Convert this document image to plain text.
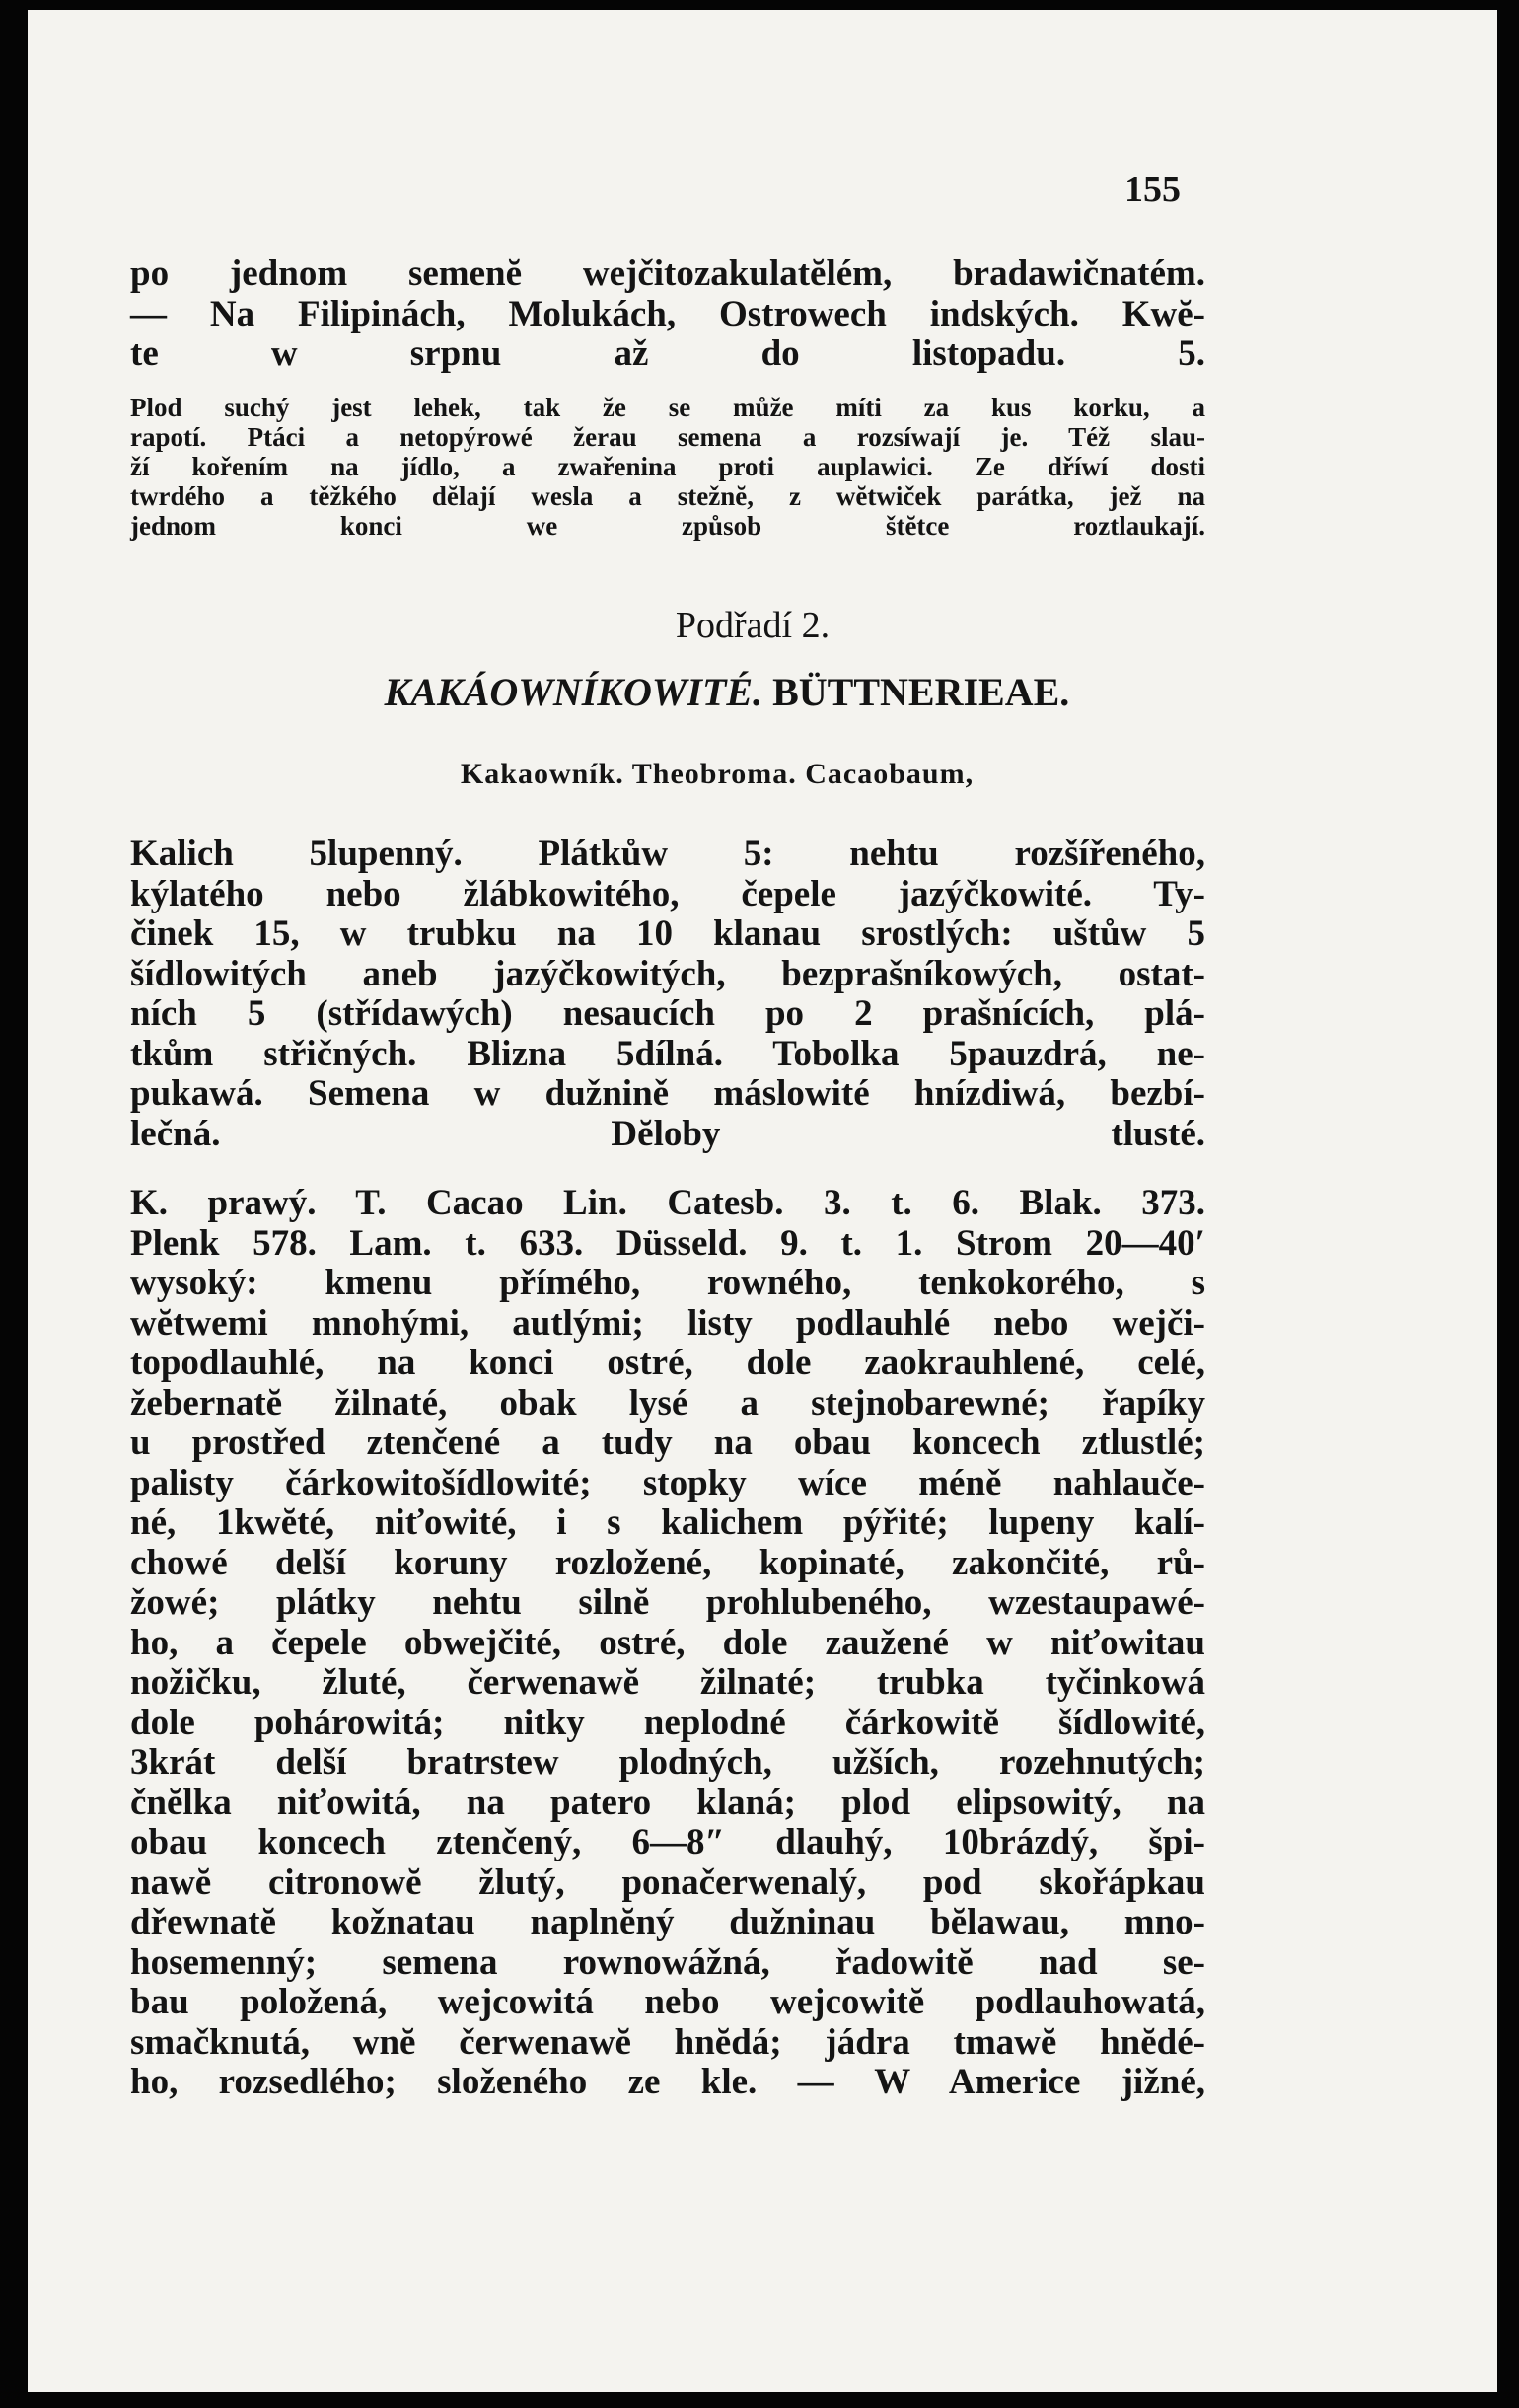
155
po jednom semenĕ wejčitozakulatĕlém, bradawičnatém.
— Na Filipinách, Molukách, Ostrowech indských. Kwĕ-
te w srpnu až do listopadu. 5.
Plod suchý jest lehek, tak že se může míti za kus korku, a
rapotí. Ptáci a netopýrowé žerau semena a rozsíwají je. Též slau-
ží kořením na jídlo, a zwařenina proti auplawici. Ze dříwí dosti
twrdého a těžkého dĕlají wesla a stežnĕ, z wĕtwiček parátka, jež na
jednom konci we způsob štĕtce roztlaukají.
Podřadí 2.
KAKÁOWNÍKOWITÉ. BÜTTNERIEAE.
Kakaowník. Theobroma. Cacaobaum,
Kalich 5lupenný. Plátkůw 5: nehtu rozšířeného,
kýlatého nebo žlábkowitého, čepele jazýčkowité. Ty-
činek 15, w trubku na 10 klanau srostlých: uštůw 5
šídlowitých aneb jazýčkowitých, bezprašníkowých, ostat-
ních 5 (střídawých) nesaucích po 2 prašnících, plá-
tkům střičných. Blizna 5dílná. Tobolka 5pauzdrá, ne-
pukawá. Semena w dužnině máslowité hnízdiwá, bezbí-
lečná. Dĕloby tlusté.
K. prawý. T. Cacao Lin. Catesb. 3. t. 6. Blak. 373.
Plenk 578. Lam. t. 633. Düsseld. 9. t. 1. Strom 20—40′
wysoký: kmenu přímého, rowného, tenkokorého, s
wĕtwemi mnohými, autlými; listy podlauhlé nebo wejči-
topodlauhlé, na konci ostré, dole zaokrauhlené, celé,
žebernatĕ žilnaté, obak lysé a stejnobarewné; řapíky
u prostřed ztenčené a tudy na obau koncech ztlustlé;
palisty čárkowitošídlowité; stopky wíce méně nahlauče-
né, 1kwĕté, niťowité, i s kalichem pýřité; lupeny kalí-
chowé delší koruny rozložené, kopinaté, zakončité, rů-
žowé; plátky nehtu silnĕ prohlubeného, wzestaupawé-
ho, a čepele obwejčité, ostré, dole zaužené w niťowitau
nožičku, žluté, čerwenawĕ žilnaté; trubka tyčinkowá
dole pohárowitá; nitky neplodné čárkowitĕ šídlowité,
3krát delší bratrstew plodných, užších, rozehnutých;
čnĕlka niťowitá, na patero klaná; plod elipsowitý, na
obau koncech ztenčený, 6—8″ dlauhý, 10brázdý, špi-
nawĕ citronowĕ žlutý, ponačerwenalý, pod skořápkau
dřewnatĕ kožnatau naplnĕný dužninau bĕlawau, mno-
hosemenný; semena rownowážná, řadowitĕ nad se-
bau položená, wejcowitá nebo wejcowitĕ podlauhowatá,
smačknutá, wnĕ čerwenawĕ hnĕdá; jádra tmawĕ hnĕdé-
ho, rozsedlého; složeného ze kle. — W Americe jižné,
